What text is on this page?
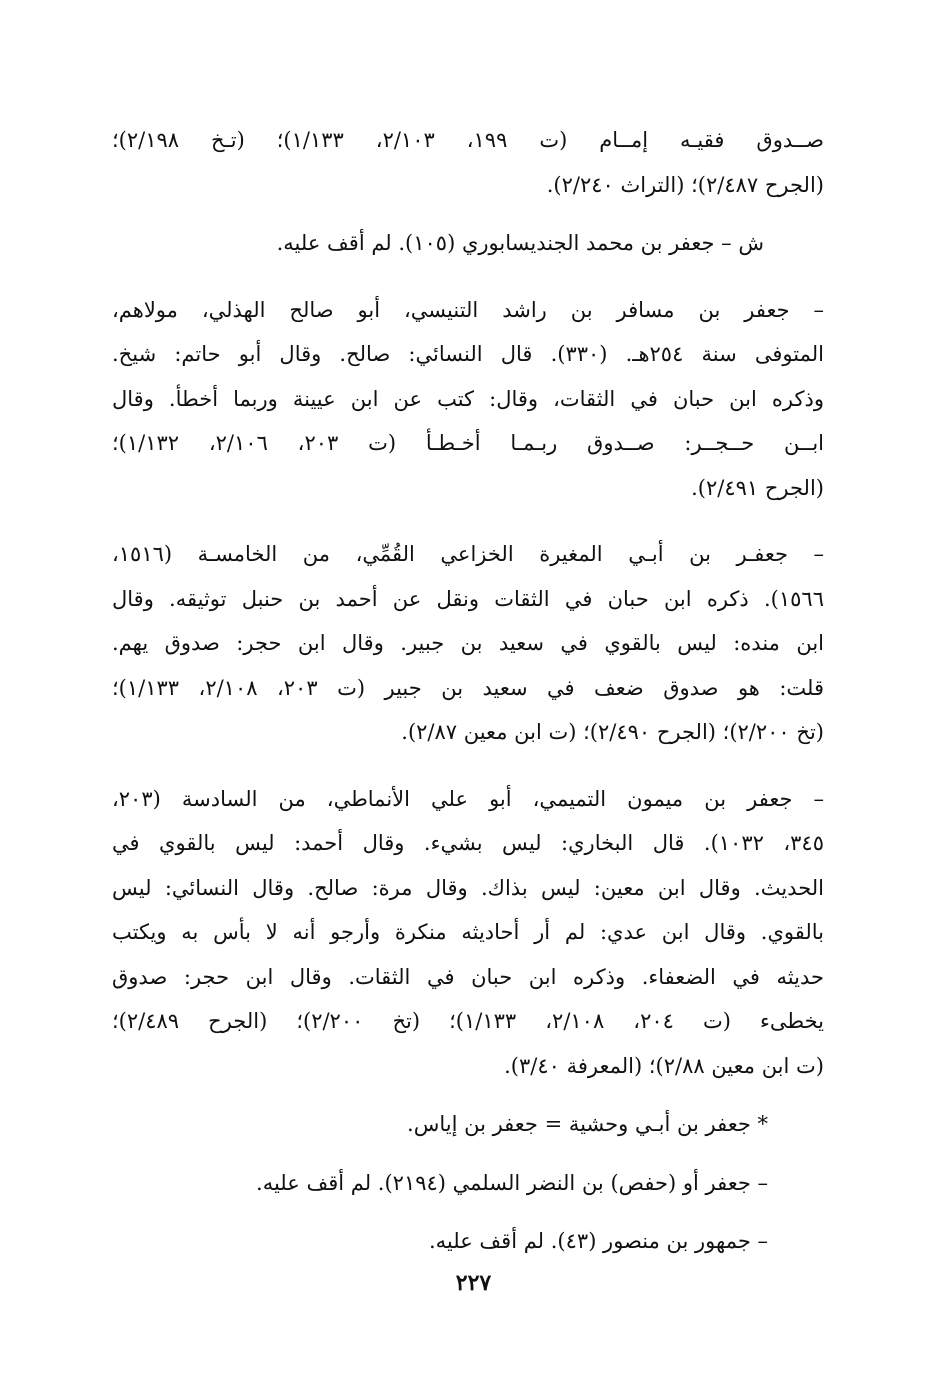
صــدوق فقيـه إمــام (ت ١٩٩، ٢/١٠٣، ١/١٣٣)؛ (تـخ ٢/١٩٨)؛
(الجرح ٢/٤٨٧)؛ (التراث ٢/٢٤٠).
ش – جعفر بن محمد الجنديسابوري (١٠٥). لم أقف عليه.
– جعفر بن مسافر بن راشد التنيسي، أبو صالح الهذلي، مولاهم،
المتوفى سنة ٢٥٤هـ. (٣٣٠). قال النسائي: صالح. وقال أبو حاتم: شيخ.
وذكره ابن حبان في الثقات، وقال: كتب عن ابن عيينة وربما أخطأ. وقال
ابــن حــجــر: صــدوق ربـمـا أخـطـأ (ت ٢٠٣، ٢/١٠٦، ١/١٣٢)؛
(الجرح ٢/٤٩١).
– جعفـر بن أبـي المغيرة الخزاعي القُمِّي، من الخامسـة (١٥١٦،
١٥٦٦). ذكره ابن حبان في الثقات ونقل عن أحمد بن حنبل توثيقه. وقال
ابن منده: ليس بالقوي في سعيد بن جبير. وقال ابن حجر: صدوق يهم.
قلت: هو صدوق ضعف في سعيد بن جبير (ت ٢٠٣، ٢/١٠٨، ١/١٣٣)؛
(تخ ٢/٢٠٠)؛ (الجرح ٢/٤٩٠)؛ (ت ابن معين ٢/٨٧).
– جعفر بن ميمون التميمي، أبو علي الأنماطي، من السادسة (٢٠٣،
٣٤٥، ١٠٣٢). قال البخاري: ليس بشيء. وقال أحمد: ليس بالقوي في
الحديث. وقال ابن معين: ليس بذاك. وقال مرة: صالح. وقال النسائي: ليس
بالقوي. وقال ابن عدي: لم أر أحاديثه منكرة وأرجو أنه لا بأس به ويكتب
حديثه في الضعفاء. وذكره ابن حبان في الثقات. وقال ابن حجر: صدوق
يخطىء (ت ٢٠٤، ٢/١٠٨، ١/١٣٣)؛ (تخ ٢/٢٠٠)؛ (الجرح ٢/٤٨٩)؛
(ت ابن معين ٢/٨٨)؛ (المعرفة ٣/٤٠).
* جعفر بن أبـي وحشية = جعفر بن إياس.
– جعفر أو (حفص) بن النضر السلمي (٢١٩٤). لم أقف عليه.
– جمهور بن منصور (٤٣). لم أقف عليه.
٢٢٧
